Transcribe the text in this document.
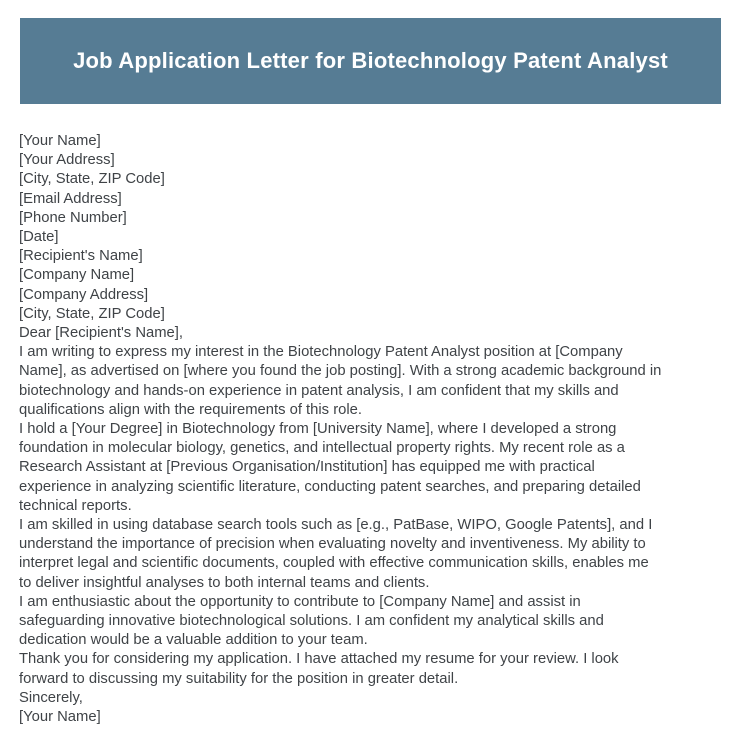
Job Application Letter for Biotechnology Patent Analyst
[Your Name]
[Your Address]
[City, State, ZIP Code]
[Email Address]
[Phone Number]
[Date]
[Recipient's Name]
[Company Name]
[Company Address]
[City, State, ZIP Code]
Dear [Recipient's Name],
I am writing to express my interest in the Biotechnology Patent Analyst position at [Company
Name], as advertised on [where you found the job posting]. With a strong academic background in
biotechnology and hands-on experience in patent analysis, I am confident that my skills and
qualifications align with the requirements of this role.
I hold a [Your Degree] in Biotechnology from [University Name], where I developed a strong
foundation in molecular biology, genetics, and intellectual property rights. My recent role as a
Research Assistant at [Previous Organisation/Institution] has equipped me with practical
experience in analyzing scientific literature, conducting patent searches, and preparing detailed
technical reports.
I am skilled in using database search tools such as [e.g., PatBase, WIPO, Google Patents], and I
understand the importance of precision when evaluating novelty and inventiveness. My ability to
interpret legal and scientific documents, coupled with effective communication skills, enables me
to deliver insightful analyses to both internal teams and clients.
I am enthusiastic about the opportunity to contribute to [Company Name] and assist in
safeguarding innovative biotechnological solutions. I am confident my analytical skills and
dedication would be a valuable addition to your team.
Thank you for considering my application. I have attached my resume for your review. I look
forward to discussing my suitability for the position in greater detail.
Sincerely,
[Your Name]
